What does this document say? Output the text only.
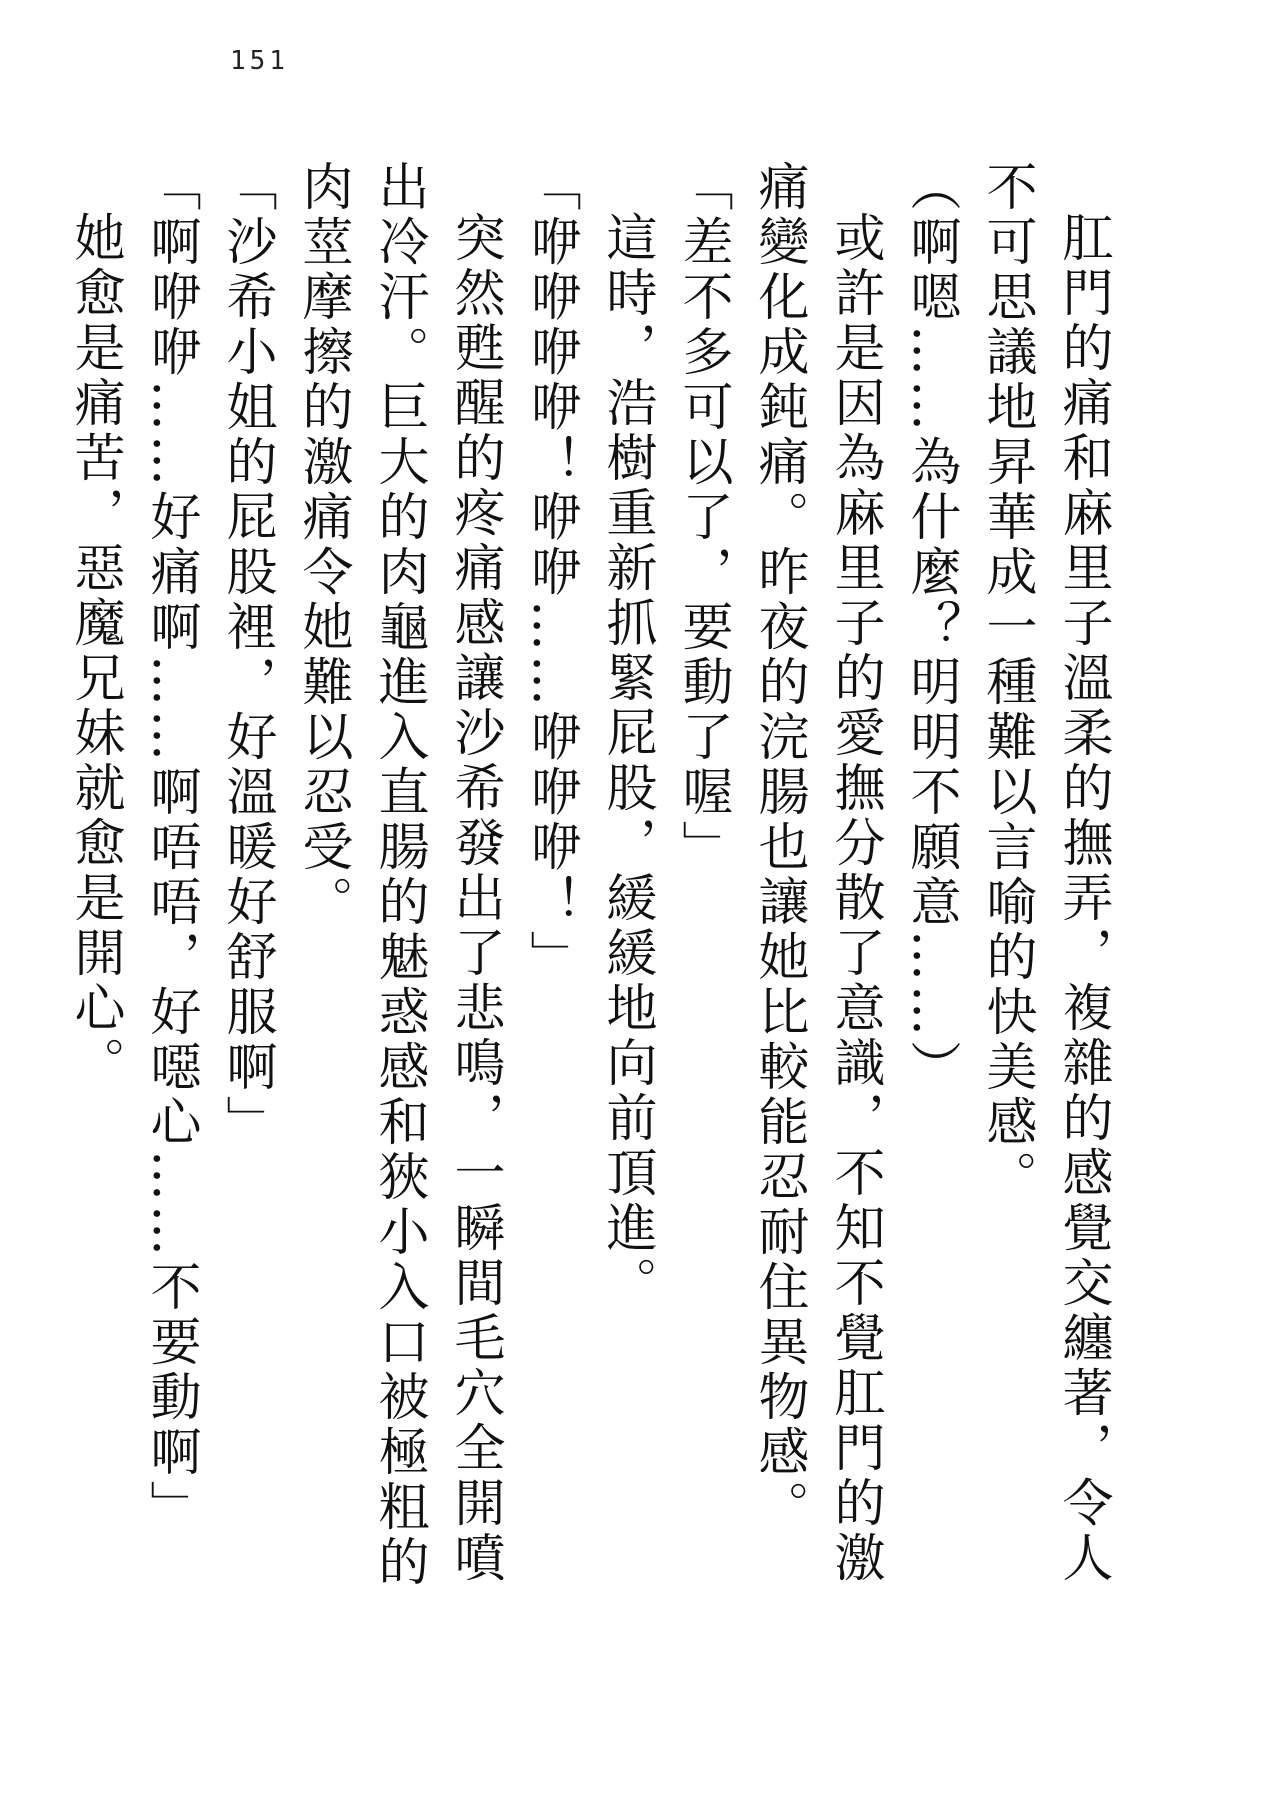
151

肛門的痛和麻里子溫柔的撫弄，複雜的感覺交纏著，令人不可思議地昇華成一種難以言喻的快美感。

（啊嗯……為什麼？明明不願意……）

或許是因為麻里子的愛撫分散了意識，不知不覺肛門的激痛變化成鈍痛。昨夜的浣腸也讓她比較能忍耐住異物感。

「差不多可以了，要動了喔」

這時，浩樹重新抓緊屁股，緩緩地向前頂進。

「咿咿咿咿！咿咿……咿咿咿！」

突然甦醒的疼痛感讓沙希發出了悲鳴，一瞬間毛穴全開噴出冷汗。巨大的肉龜進入直腸的魅惑感和狹小入口被極粗的肉莖摩擦的激痛令她難以忍受。

「沙希小姐的屁股裡，好溫暖好舒服啊」

「啊咿咿……好痛啊……啊唔唔，好噁心……不要動啊」

她愈是痛苦，惡魔兄妹就愈是開心。
